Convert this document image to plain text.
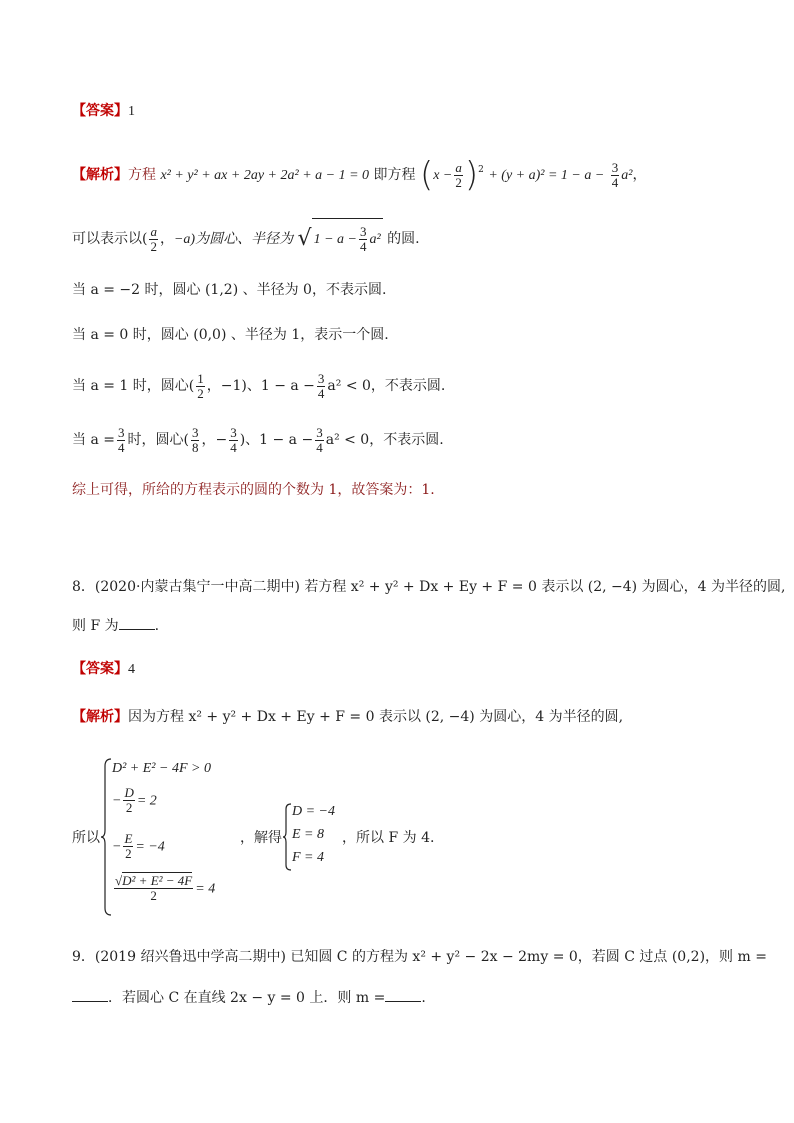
【答案】1
【解析】方程 x² + y² + ax + 2ay + 2a² + a − 1 = 0 即方程 $(x - \frac{a}{2} )^2 + (y + a)^2 = 1 - a - \frac{3}{4} a^2$，
可以表示以( $\frac{a}{2}$ ，−a)为圆心、半径为 √ $1 - a - \frac{3}{4} a^2$ 的圆.
当 a = −2 时，圆心 (1,2) 、半径为 0，不表示圆.
当 a = 0 时，圆心 (0,0) 、半径为 1，表示一个圆.
当 a = 1 时，圆心( $\frac{1}{2}$ ，−1)、$1 - a - \frac{3}{4} a^2 < 0$，不表示圆.
当 $a = \frac{3}{4}$ 时，圆心( $\frac{3}{8}$ ，− $\frac{3}{4}$ )、$1 - a - \frac{3}{4} a^2 < 0$，不表示圆.
综上可得，所给的方程表示的圆的个数为 1，故答案为：1.
8．(2020·内蒙古集宁一中高二期中) 若方程 x² + y² + Dx + Ey + F = 0 表示以 (2, −4) 为圆心，4 为半径的圆,
则 F 为	.
【答案】4
【解析】因为方程 x² + y² + Dx + Ey + F = 0 表示以 (2, −4) 为圆心，4 为半径的圆,
所以
D² + E² − 4F > 0
− $\frac{D}{2} = 2$
− $\frac{E}{2} = -4$
$\frac{\text{√D² + E² − 4F}}{2} = 4$
，解得
D = −4
E = 8
F = 4
，所以 F 为 4.
9．(2019 绍兴鲁迅中学高二期中) 已知圆 C 的方程为 x² + y² − 2x − 2my = 0，若圆 C 过点 (0,2)，则 m =
．若圆心 C 在直线 2x − y = 0 上．则 m =	.
